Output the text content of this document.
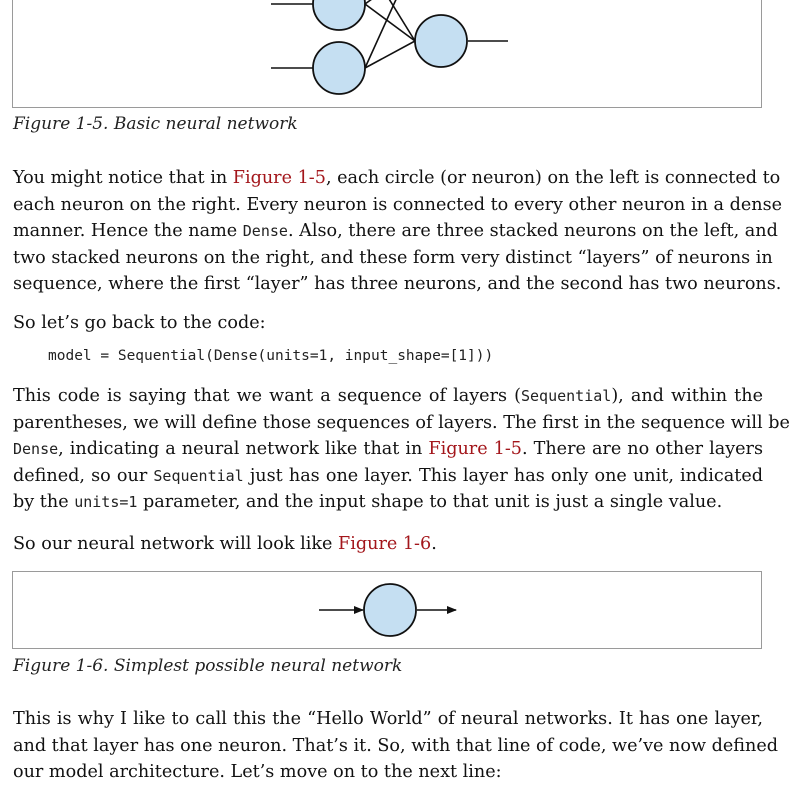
Figure 1-5. Basic neural network

You might notice that in Figure 1-5, each circle (or neuron) on the left is connected to
each neuron on the right. Every neuron is connected to every other neuron in a dense
manner. Hence the name Dense. Also, there are three stacked neurons on the left, and
two stacked neurons on the right, and these form very distinct “layers” of neurons in
sequence, where the first “layer” has three neurons, and the second has two neurons.

So let’s go back to the code:

model = Sequential(Dense(units=1, input_shape=[1]))
This code is saying that we want a sequence of layers (Sequential), and within the
parentheses, we will define those sequences of layers. The first in the sequence will be
Dense, indicating a neural network like that in Figure 1-5. There are no other layers
defined, so our Sequential just has one layer. This layer has only one unit, indicated
by the units=1 parameter, and the input shape to that unit is just a single value.

So our neural network will look like Figure 1-6.

Figure 1-6. Simplest possible neural network

This is why I like to call this the “Hello World” of neural networks. It has one layer,
and that layer has one neuron. That’s it. So, with that line of code, we’ve now defined
our model architecture. Let’s move on to the next line:
